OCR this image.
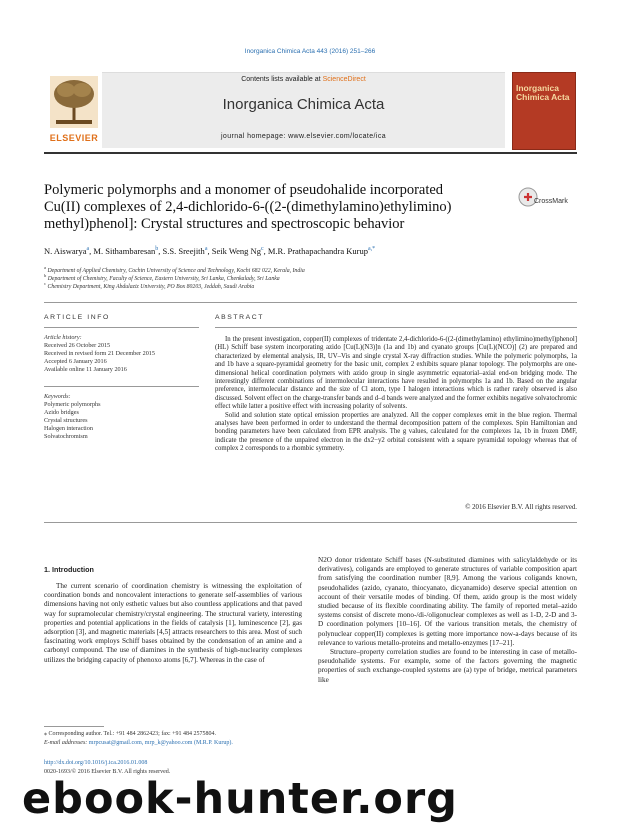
Inorganica Chimica Acta 443 (2016) 251–266
ELSEVIER
Contents lists available at ScienceDirect
Inorganica Chimica Acta
journal homepage: www.elsevier.com/locate/ica
Inorganica Chimica Acta
Polymeric polymorphs and a monomer of pseudohalide incorporated
Cu(II) complexes of 2,4-dichlorido-6-((2-(dimethylamino)ethylimino)
methyl)phenol]: Crystal structures and spectroscopic behavior
CrossMark
N. Aiswarya$^a$, M. Sithambaresan$^b$, S.S. Sreejith$^a$, Seik Weng Ng$^c$, M.R. Prathapachandra Kurup$^{a,*}$
$^a$ Department of Applied Chemistry, Cochin University of Science and Technology, Kochi 682 022, Kerala, India
$^b$ Department of Chemistry, Faculty of Science, Eastern University, Sri Lanka, Chenkalady, Sri Lanka
$^c$ Chemistry Department, King Abdulaziz University, PO Box 80203, Jeddah, Saudi Arabia
ARTICLE INFO
Article history:
Received 26 October 2015
Received in revised form 21 December 2015
Accepted 6 January 2016
Available online 11 January 2016
Keywords:
Polymeric polymorphs
Azido bridges
Crystal structures
Halogen interaction
Solvatochromism
ABSTRACT

In the present investigation, copper(II) complexes of tridentate 2,4-dichlorido-6-((2-(dimethylamino) ethylimino)methyl)phenol] (HL) Schiff base system incorporating azido [Cu(L)(N3)]n (1a and 1b) and cyanato groups [Cu(L)(NCO)] (2) are prepared and characterized by elemental analysis, IR, UV–Vis and single crystal X-ray diffraction studies. While the polymeric polymorphs, 1a and 1b have a square-pyramidal geometry for the basic unit, complex 2 exhibits square planar topology. The polymorphs are one-dimensional helical coordination polymers with azido group in single asymmetric equatorial–axial end-on bridging mode. The interestingly different combinations of intermolecular interactions have resulted in polymorphs 1a and 1b. Based on the angular preference, intermolecular distance and the size of Cl atom, type I halogen interactions which is rather rarely observed is also discussed. Solvent effect on the charge-transfer bands and d–d bands were analyzed and the former exhibits negative solvatochromic effect while latter a positive effect with increasing polarity of solvents.

Solid and solution state optical emission properties are analyzed. All the copper complexes emit in the blue region. Thermal analyses have been performed in order to understand the thermal decomposition pattern of the complexes. Spin Hamiltonian and bonding parameters have been calculated from EPR analysis. The g values, calculated for the complexes 1a, 1b in frozen DMF, indicate the presence of the unpaired electron in the dx2−y2 orbital consistent with a square pyramidal topology whereas that of complex 2 corresponds to a rhombic symmetry.

© 2016 Elsevier B.V. All rights reserved.
1. Introduction

The current scenario of coordination chemistry is witnessing the exploitation of coordination bonds and noncovalent interactions to generate self-assemblies of various dimensions having not only esthetic values but also countless applications and that paved way for supramolecular chemistry/crystal engineering. The structural variety, interesting properties and potential applications in the fields of catalysis [1], luminescence [2], gas adsorption [3], and magnetic materials [4,5] attracts researchers to this area. Most of such fascinating work employs Schiff bases obtained by the condensation of an amine and a carbonyl compound. The use of diamines in the synthesis of high-nuclearity complexes utilizes the bridging capacity of phenoxo atoms [6,7]. Whereas in the case of

N2O donor tridentate Schiff bases (N-substituted diamines with salicylaldehyde or its derivatives), coligands are employed to generate structures of variable composition apart from satisfying the coordination number [8,9]. Among the various coligands known, pseudohalides (azido, cyanato, thiocyanato, dicyanamido) deserve special attention on account of their versatile modes of binding. Of them, azido group is the most widely studied because of its flexible coordinating ability. The family of reported metal–azido systems consist of discrete mono-/di-/oligonuclear complexes as well as 1-D, 2-D and 3-D coordination polymers [10–16]. Of the various transition metals, the chemistry of polynuclear copper(II) complexes is getting more importance now-a-days because of its relevance to various metallo-proteins and metallo-enzymes [17–21].

Structure–property correlation studies are found to be interesting in case of metallo-pseudohalide systems. For example, some of the factors governing the magnetic properties of such exchange-coupled systems are (a) type of bridge, metrical parameters like

⁎ Corresponding author. Tel.: +91 484 2862423; fax: +91 484 2575804.
E-mail addresses: mrpcusat@gmail.com, mrp_k@yahoo.com (M.R.P. Kurup).
http://dx.doi.org/10.1016/j.ica.2016.01.008
0020-1693/© 2016 Elsevier B.V. All rights reserved.
ebook-hunter.org
